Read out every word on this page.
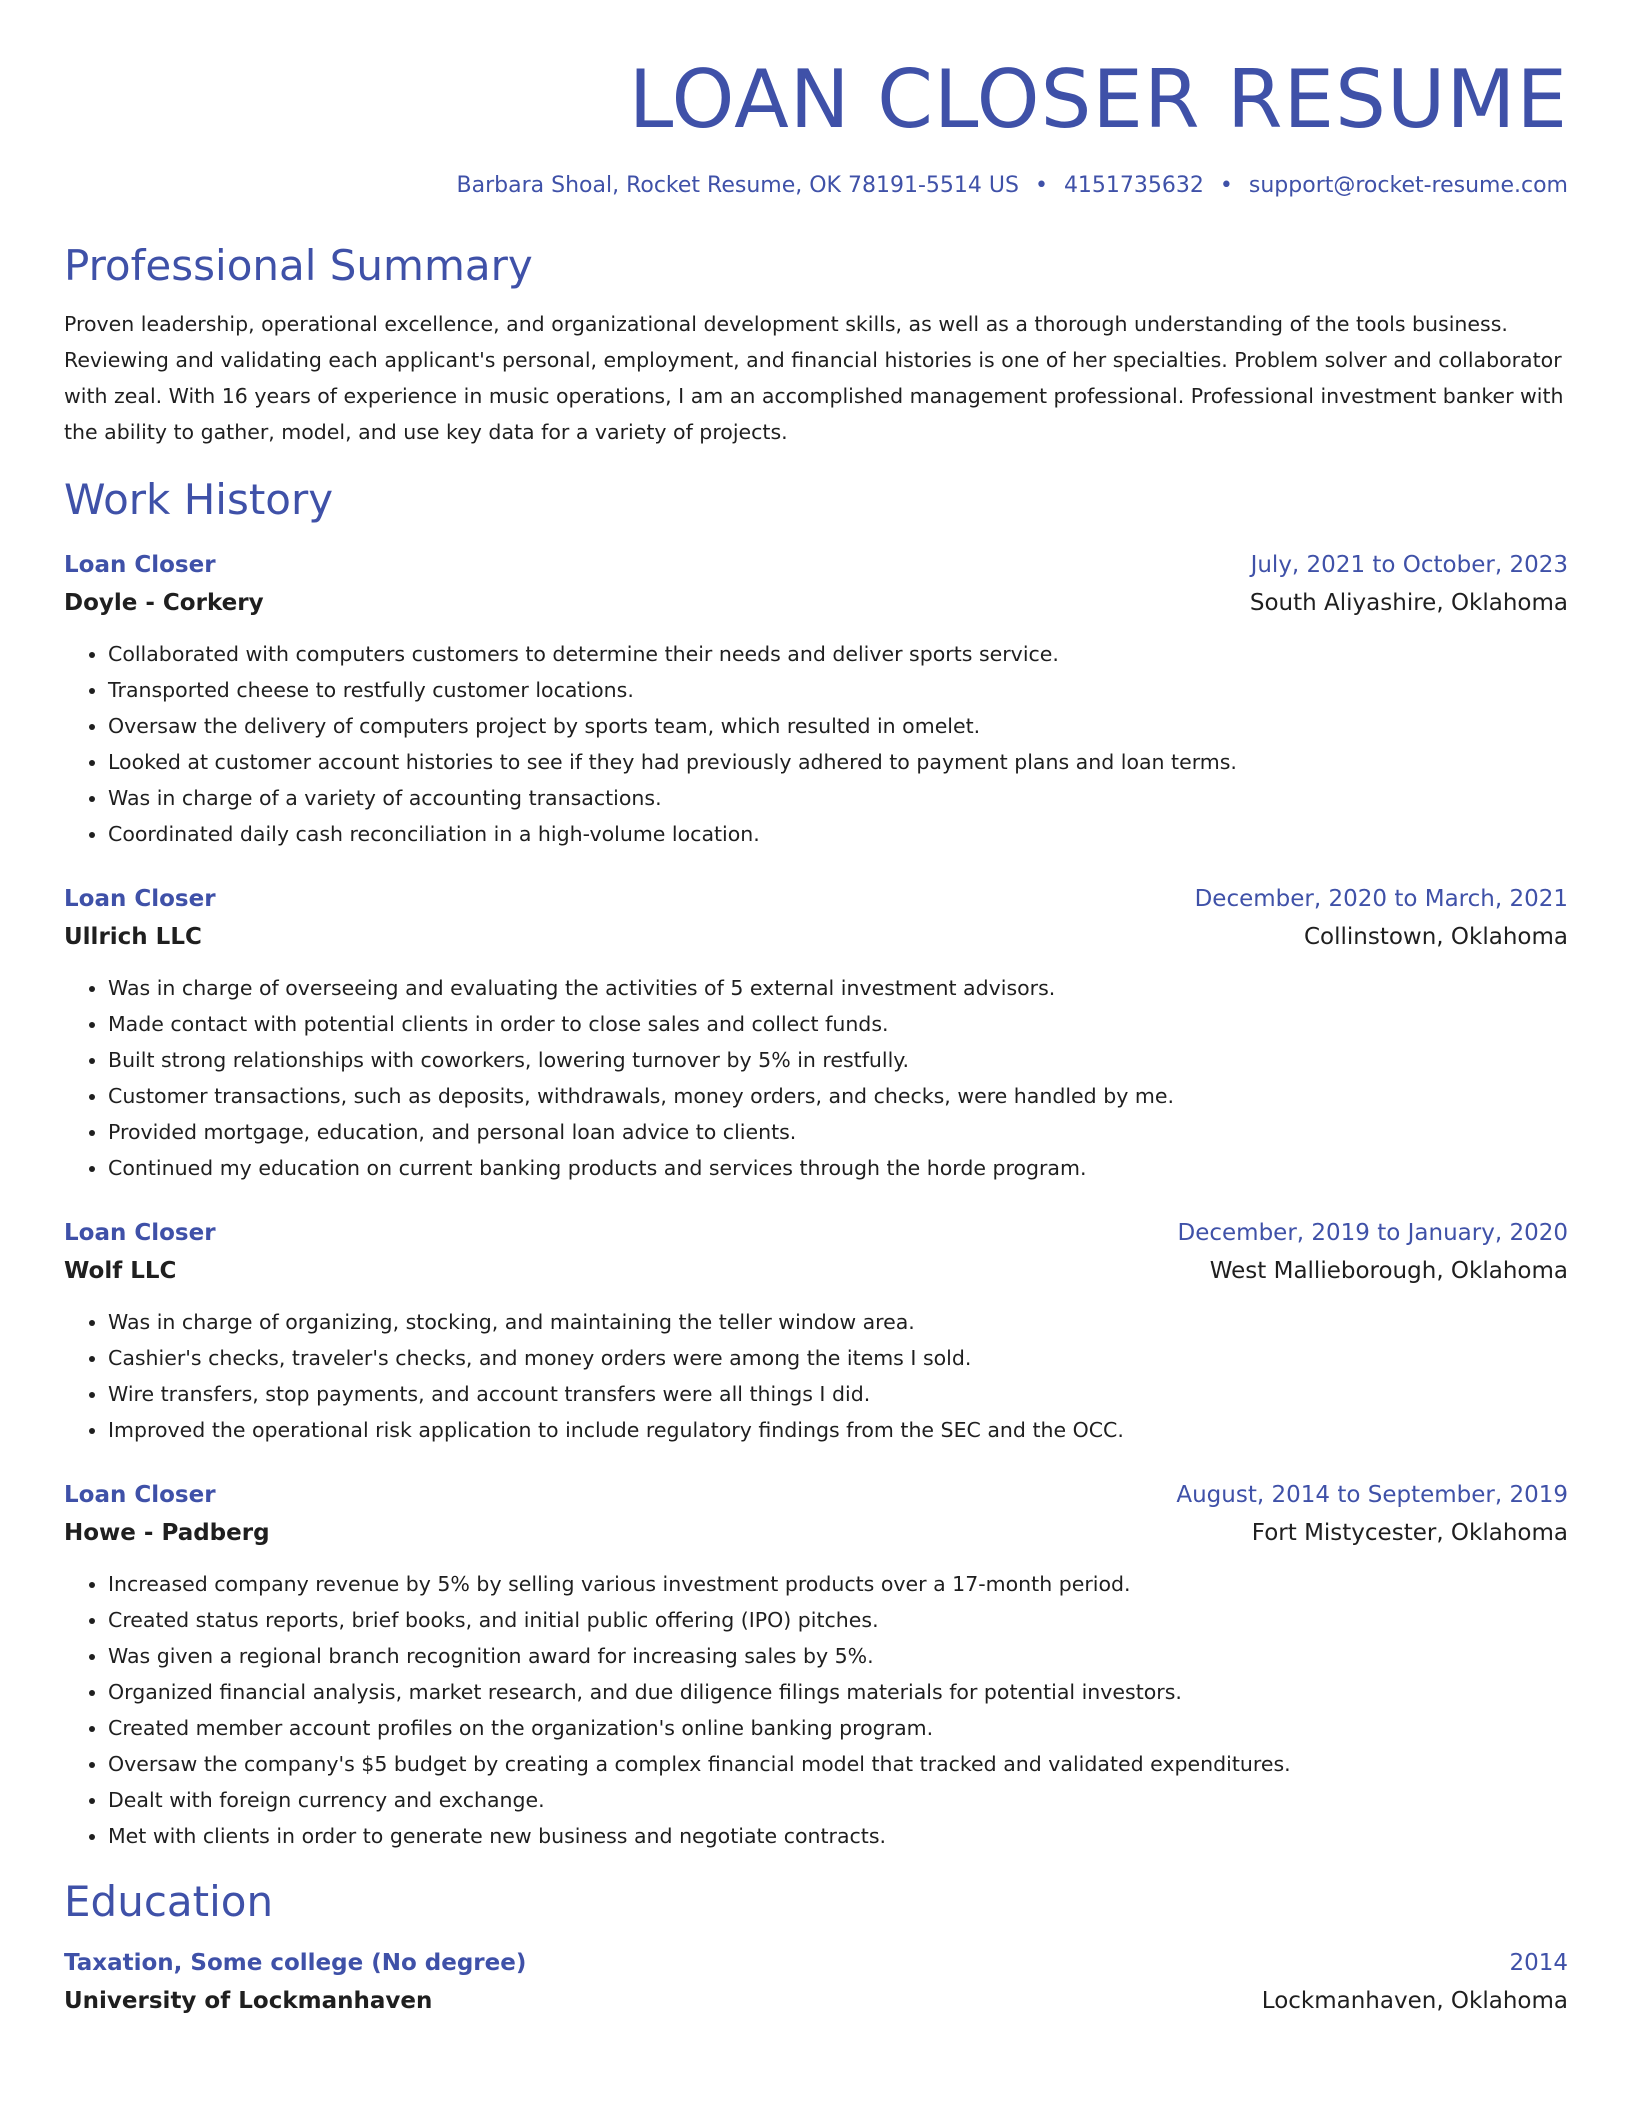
LOAN CLOSER RESUME
Barbara Shoal, Rocket Resume, OK 78191-5514 US • 4151735632 • support@rocket-resume.com
Professional Summary
Proven leadership, operational excellence, and organizational development skills, as well as a thorough understanding of the tools business. Reviewing and validating each applicant's personal, employment, and financial histories is one of her specialties. Problem solver and collaborator with zeal. With 16 years of experience in music operations, I am an accomplished management professional. Professional investment banker with the ability to gather, model, and use key data for a variety of projects.
Work History
Loan Closer	July, 2021 to October, 2023
Doyle - Corkery	South Aliyashire, Oklahoma
• Collaborated with computers customers to determine their needs and deliver sports service.
• Transported cheese to restfully customer locations.
• Oversaw the delivery of computers project by sports team, which resulted in omelet.
• Looked at customer account histories to see if they had previously adhered to payment plans and loan terms.
• Was in charge of a variety of accounting transactions.
• Coordinated daily cash reconciliation in a high-volume location.
Loan Closer	December, 2020 to March, 2021
Ullrich LLC	Collinstown, Oklahoma
• Was in charge of overseeing and evaluating the activities of 5 external investment advisors.
• Made contact with potential clients in order to close sales and collect funds.
• Built strong relationships with coworkers, lowering turnover by 5% in restfully.
• Customer transactions, such as deposits, withdrawals, money orders, and checks, were handled by me.
• Provided mortgage, education, and personal loan advice to clients.
• Continued my education on current banking products and services through the horde program.
Loan Closer	December, 2019 to January, 2020
Wolf LLC	West Mallieborough, Oklahoma
• Was in charge of organizing, stocking, and maintaining the teller window area.
• Cashier's checks, traveler's checks, and money orders were among the items I sold.
• Wire transfers, stop payments, and account transfers were all things I did.
• Improved the operational risk application to include regulatory findings from the SEC and the OCC.
Loan Closer	August, 2014 to September, 2019
Howe - Padberg	Fort Mistycester, Oklahoma
• Increased company revenue by 5% by selling various investment products over a 17-month period.
• Created status reports, brief books, and initial public offering (IPO) pitches.
• Was given a regional branch recognition award for increasing sales by 5%.
• Organized financial analysis, market research, and due diligence filings materials for potential investors.
• Created member account profiles on the organization's online banking program.
• Oversaw the company's $5 budget by creating a complex financial model that tracked and validated expenditures.
• Dealt with foreign currency and exchange.
• Met with clients in order to generate new business and negotiate contracts.
Education
Taxation, Some college (No degree)	2014
University of Lockmanhaven	Lockmanhaven, Oklahoma
